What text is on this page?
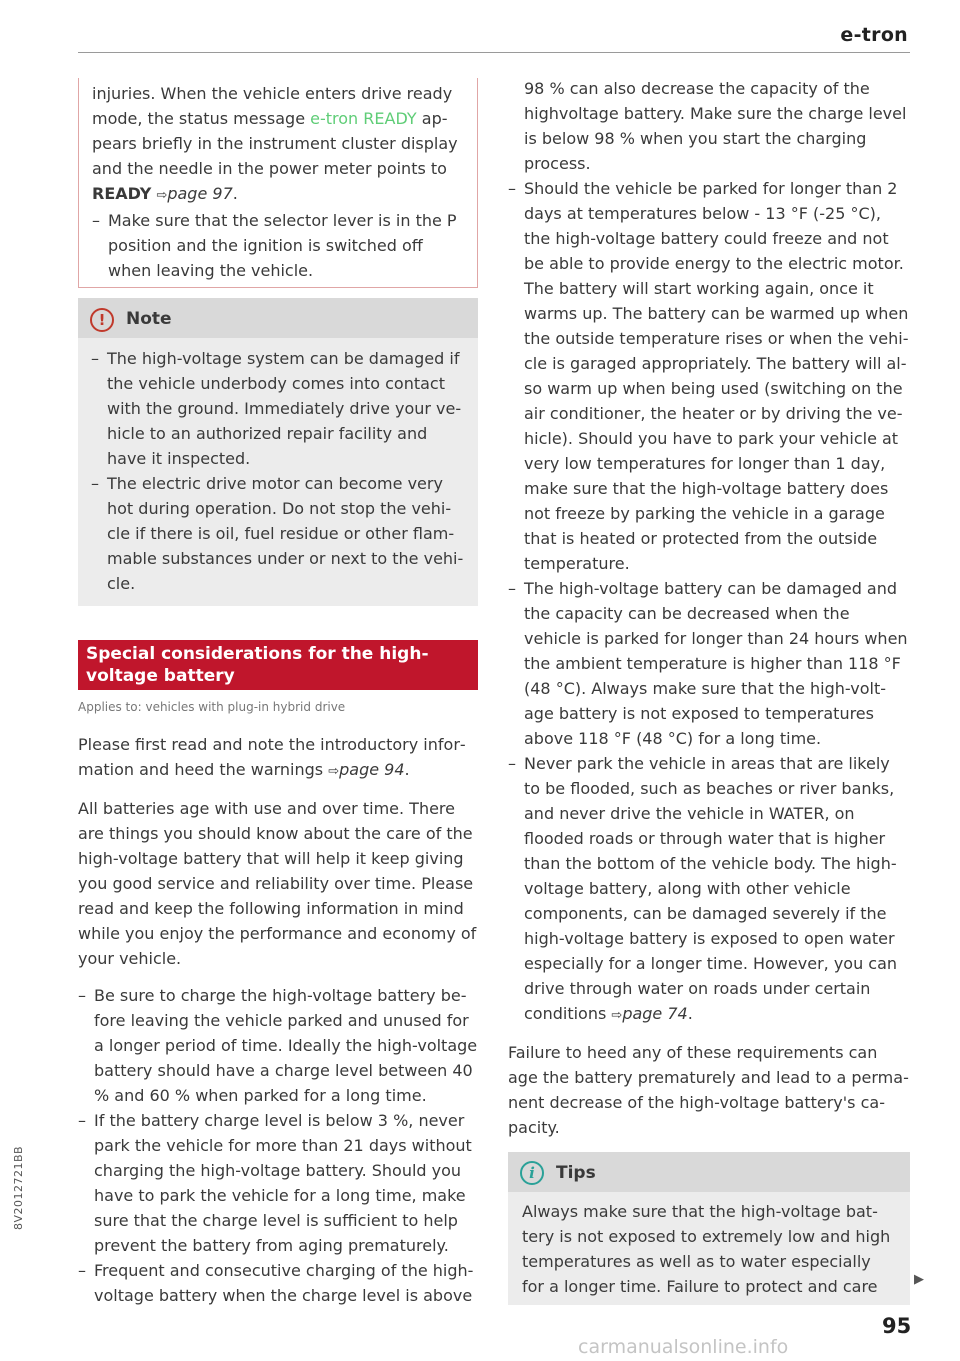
e-tron

injuries. When the vehicle enters drive ready mode, the status message e-tron READY appears briefly in the instrument cluster display and the needle in the power meter points to READY ⇨page 97.

– Make sure that the selector lever is in the P position and the ignition is switched off when leaving the vehicle.
!	Note
– The high-voltage system can be damaged if the vehicle underbody comes into contact with the ground. Immediately drive your vehicle to an authorized repair facility and have it inspected.
– The electric drive motor can become very hot during operation. Do not stop the vehicle if there is oil, fuel residue or other flammable substances under or next to the vehicle.
Special considerations for the high-voltage battery
Applies to: vehicles with plug-in hybrid drive

Please first read and note the introductory information and heed the warnings ⇨page 94.

All batteries age with use and over time. There are things you should know about the care of the high-voltage battery that will help it keep giving you good service and reliability over time. Please read and keep the following information in mind while you enjoy the performance and economy of your vehicle.

– Be sure to charge the high-voltage battery before leaving the vehicle parked and unused for a longer period of time. Ideally the high-voltage battery should have a charge level between 40 % and 60 % when parked for a long time.
– If the battery charge level is below 3 %, never park the vehicle for more than 21 days without charging the high-voltage battery. Should you have to park the vehicle for a long time, make sure that the charge level is sufficient to help prevent the battery from aging prematurely.
– Frequent and consecutive charging of the highvoltage battery when the charge level is above

98 % can also decrease the capacity of the highvoltage battery. Make sure the charge level is below 98 % when you start the charging process.

– Should the vehicle be parked for longer than 2 days at temperatures below - 13 °F (-25 °C), the high-voltage battery could freeze and not be able to provide energy to the electric motor. The battery will start working again, once it warms up. The battery can be warmed up when the outside temperature rises or when the vehicle is garaged appropriately. The battery will also warm up when being used (switching on the air conditioner, the heater or by driving the vehicle). Should you have to park your vehicle at very low temperatures for longer than 1 day, make sure that the high-voltage battery does not freeze by parking the vehicle in a garage that is heated or protected from the outside temperature.
– The high-voltage battery can be damaged and the capacity can be decreased when the vehicle is parked for longer than 24 hours when the ambient temperature is higher than 118 °F (48 °C). Always make sure that the high-voltage battery is not exposed to temperatures above 118 °F (48 °C) for a long time.
– Never park the vehicle in areas that are likely to be flooded, such as beaches or river banks, and never drive the vehicle in WATER, on flooded roads or through water that is higher than the bottom of the vehicle body. The high-voltage battery, along with other vehicle components, can be damaged severely if the high-voltage battery is exposed to open water especially for a longer time. However, you can drive through water on roads under certain conditions ⇨page 74.

Failure to heed any of these requirements can age the battery prematurely and lead to a permanent decrease of the high-voltage battery's capacity.

i	Tips
Always make sure that the high-voltage battery is not exposed to extremely low and high temperatures as well as to water especially for a longer time. Failure to protect and care	▶
95
8V2012721BB
carmanualsonline.info
